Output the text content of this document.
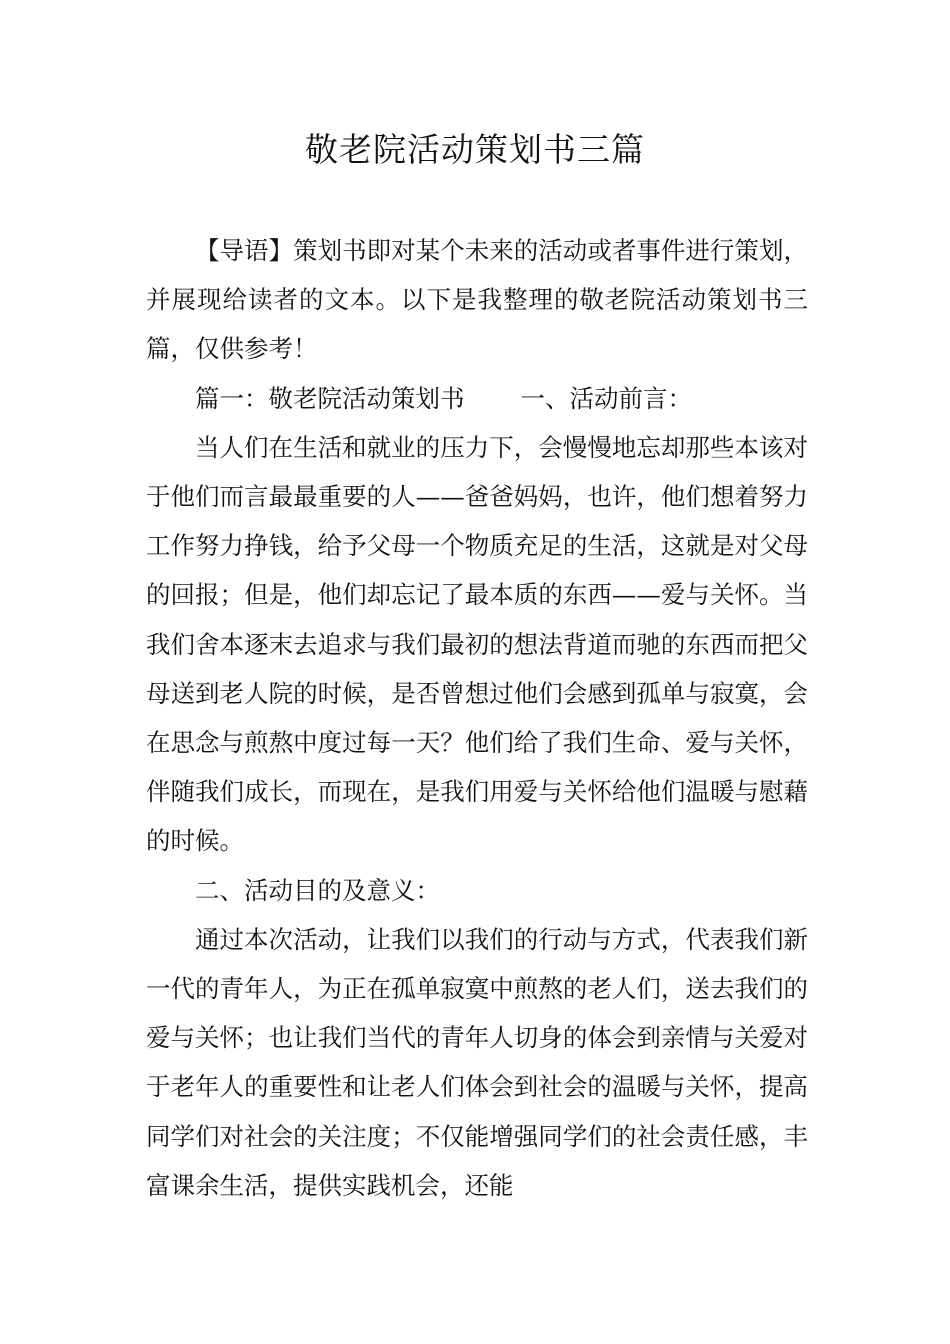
敬老院活动策划书三篇

【导语】策划书即对某个未来的活动或者事件进行策划，并展现给读者的文本。以下是我整理的敬老院活动策划书三篇，仅供参考！

篇一：敬老院活动策划书 一、活动前言：

当人们在生活和就业的压力下，会慢慢地忘却那些本该对于他们而言最最重要的人——爸爸妈妈，也许，他们想着努力工作努力挣钱，给予父母一个物质充足的生活，这就是对父母的回报；但是，他们却忘记了最本质的东西——爱与关怀。当我们舍本逐末去追求与我们最初的想法背道而驰的东西而把父母送到老人院的时候，是否曾想过他们会感到孤单与寂寞，会在思念与煎熬中度过每一天？他们给了我们生命、爱与关怀，伴随我们成长，而现在，是我们用爱与关怀给他们温暖与慰藉的时候。

二、活动目的及意义：

通过本次活动，让我们以我们的行动与方式，代表我们新一代的青年人，为正在孤单寂寞中煎熬的老人们，送去我们的爱与关怀；也让我们当代的青年人切身的体会到亲情与关爱对于老年人的重要性和让老人们体会到社会的温暖与关怀，提高同学们对社会的关注度；不仅能增强同学们的社会责任感，丰富课余生活，提供实践机会，还能
